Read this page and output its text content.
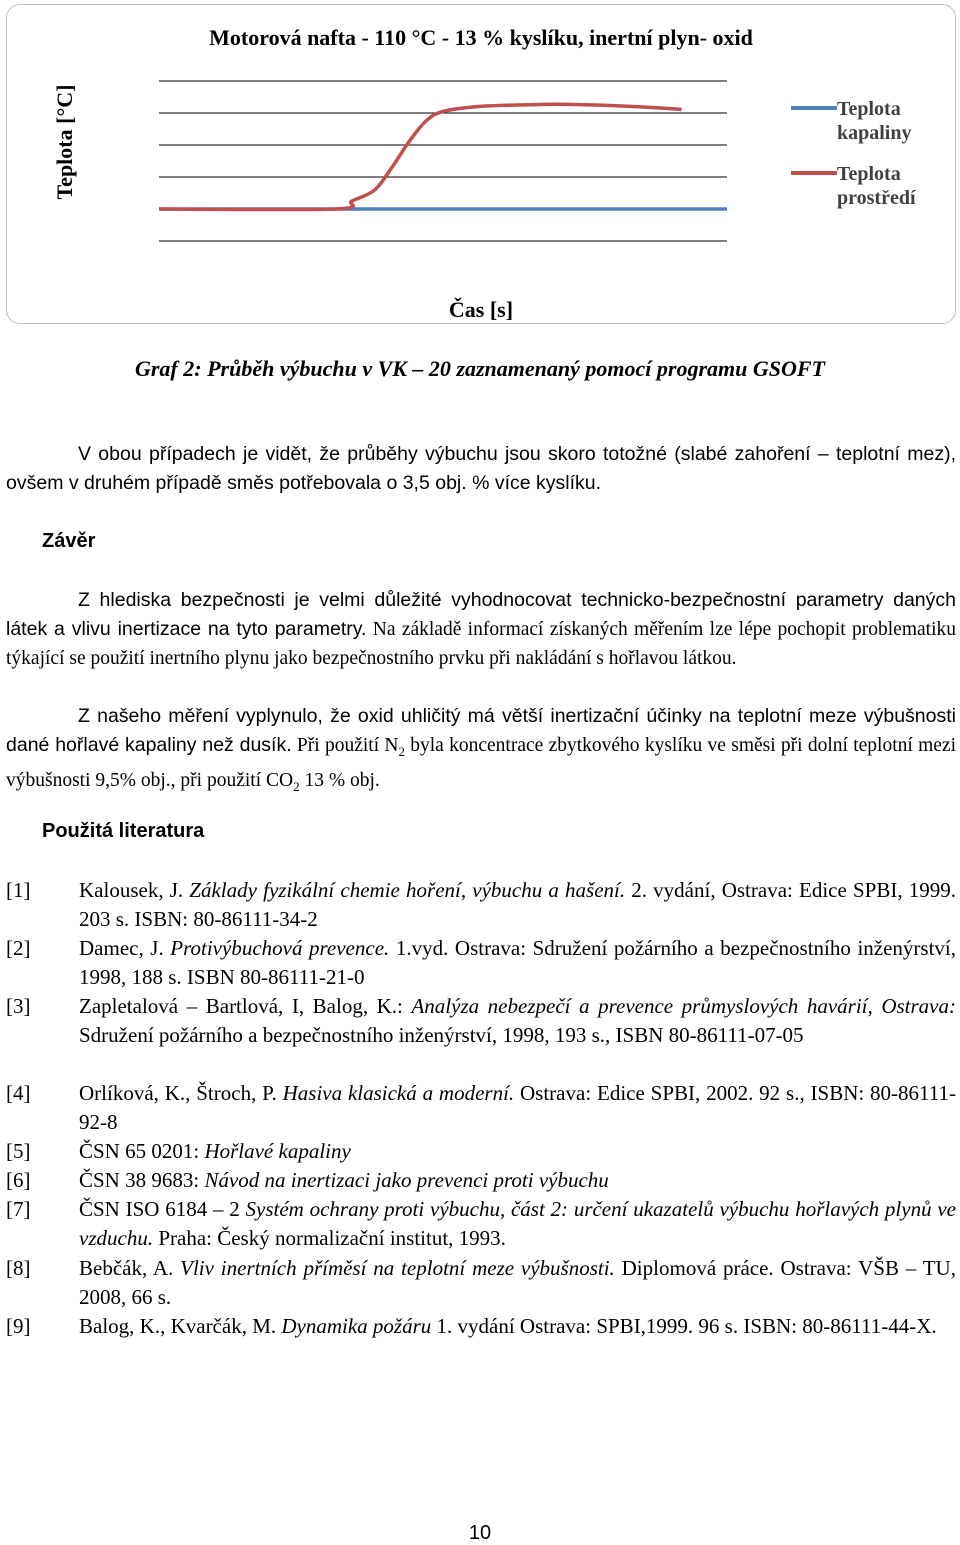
Motorová nafta - 110 °C - 13 % kyslíku, inertní plyn- oxid
Teplota [°C]	Teplota kapaliny
Teplota prostředí
Čas [s]
Graf 2: Průběh výbuchu v VK – 20 zaznamenaný pomocí programu GSOFT
V obou případech je vidět, že průběhy výbuchu jsou skoro totožné (slabé zahoření – teplotní mez), ovšem v druhém případě směs potřebovala o 3,5 obj. % více kyslíku.
Závěr
Z hlediska bezpečnosti je velmi důležité vyhodnocovat technicko-bezpečnostní parametry daných látek a vlivu inertizace na tyto parametry. Na základě informací získaných měřením lze lépe pochopit problematiku týkající se použití inertního plynu jako bezpečnostního prvku při nakládání s hořlavou látkou.
Z našeho měření vyplynulo, že oxid uhličitý má větší inertizační účinky na teplotní meze výbušnosti dané hořlavé kapaliny než dusík. Při použití $N_2$ byla koncentrace zbytkového kyslíku ve směsi při dolní teplotní mezi výbušnosti 9,5% obj., při použití $CO_2$ 13 % obj.
Použitá literatura
[1] Kalousek, J. Základy fyzikální chemie hoření, výbuchu a hašení. 2. vydání, Ostrava: Edice SPBI, 1999. 203 s. ISBN: 80-86111-34-2
[2] Damec, J. Protivýbuchová prevence. 1.vyd. Ostrava: Sdružení požárního a bezpečnostního inženýrství, 1998, 188 s. ISBN 80-86111-21-0
[3] Zapletalová – Bartlová, I, Balog, K.: Analýza nebezpečí a prevence průmyslových havárií, Ostrava: Sdružení požárního a bezpečnostního inženýrství, 1998, 193 s., ISBN 80-86111-07-05
[4] Orlíková, K., Štroch, P. Hasiva klasická a moderní. Ostrava: Edice SPBI, 2002. 92 s., ISBN: 80-86111-92-8
[5] ČSN 65 0201: Hořlavé kapaliny
[6] ČSN 38 9683: Návod na inertizaci jako prevenci proti výbuchu
[7] ČSN ISO 6184 – 2 Systém ochrany proti výbuchu, část 2: určení ukazatelů výbuchu hořlavých plynů ve vzduchu. Praha: Český normalizační institut, 1993.
[8] Bebčák, A. Vliv inertních příměsí na teplotní meze výbušnosti. Diplomová práce. Ostrava: VŠB – TU, 2008, 66 s.
[9] Balog, K., Kvarčák, M. Dynamika požáru 1. vydání Ostrava: SPBI,1999. 96 s. ISBN: 80-86111-44-X.
10
